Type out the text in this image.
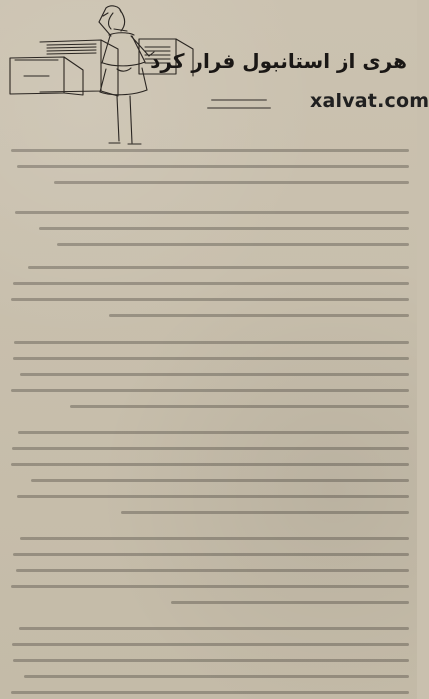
هری از استانبول فرار کرد
xalvat.com
